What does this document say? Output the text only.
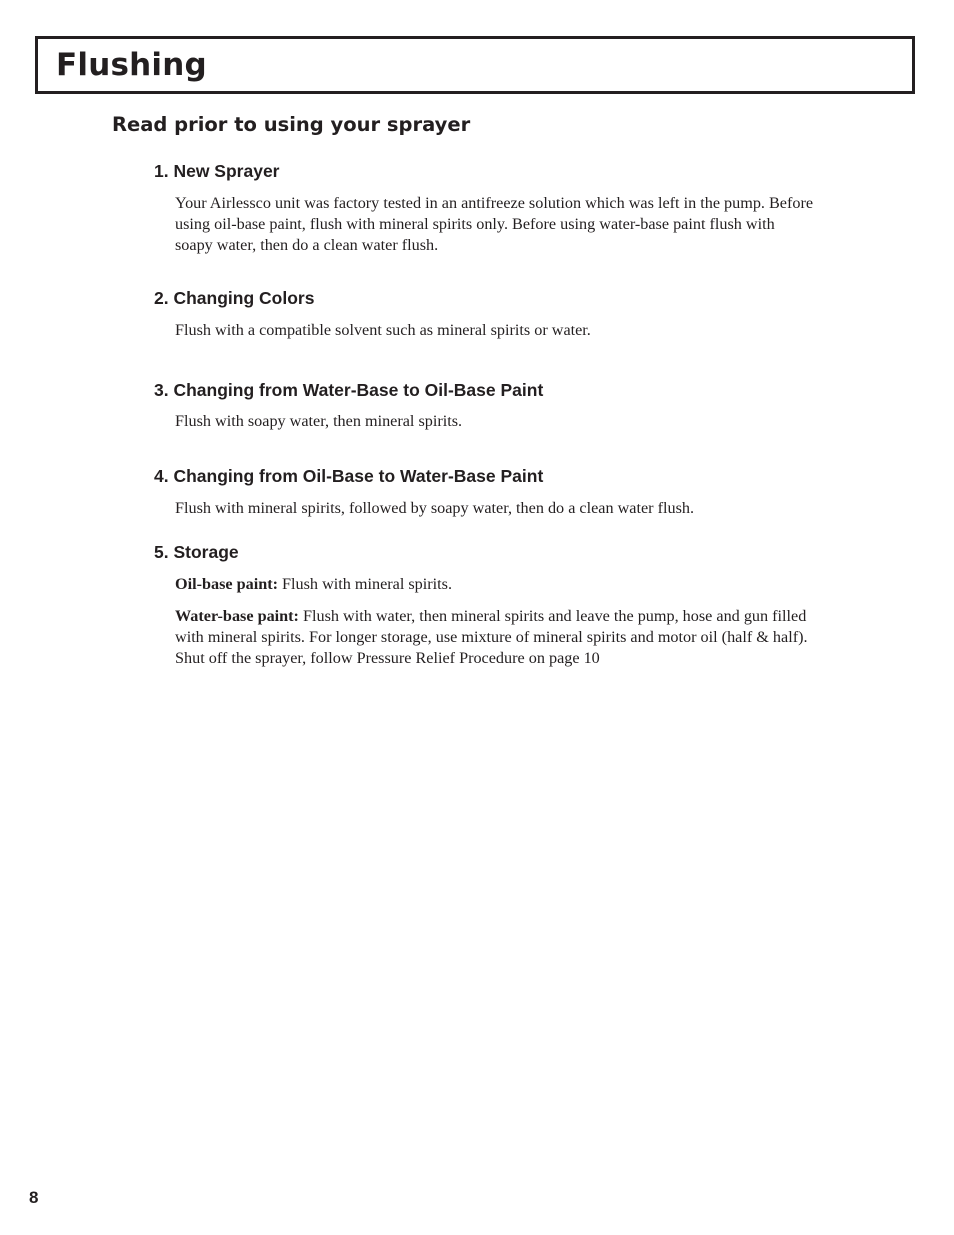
Flushing
Read prior to using your sprayer
1. New Sprayer

Your Airlessco unit was factory tested in an antifreeze solution which was left in the pump. Before using oil-base paint, flush with mineral spirits only. Before using water-base paint flush with soapy water, then do a clean water flush.

2. Changing Colors

Flush with a compatible solvent such as mineral spirits or water.

3. Changing from Water-Base to Oil-Base Paint

Flush with soapy water, then mineral spirits.

4. Changing from Oil-Base to Water-Base Paint

Flush with mineral spirits, followed by soapy water, then do a clean water flush.

5. Storage

Oil-base paint: Flush with mineral spirits.

Water-base paint: Flush with water, then mineral spirits and leave the pump, hose and gun filled with mineral spirits. For longer storage, use mixture of mineral spirits and motor oil (half & half). Shut off the sprayer, follow Pressure Relief Procedure on page 10

8
